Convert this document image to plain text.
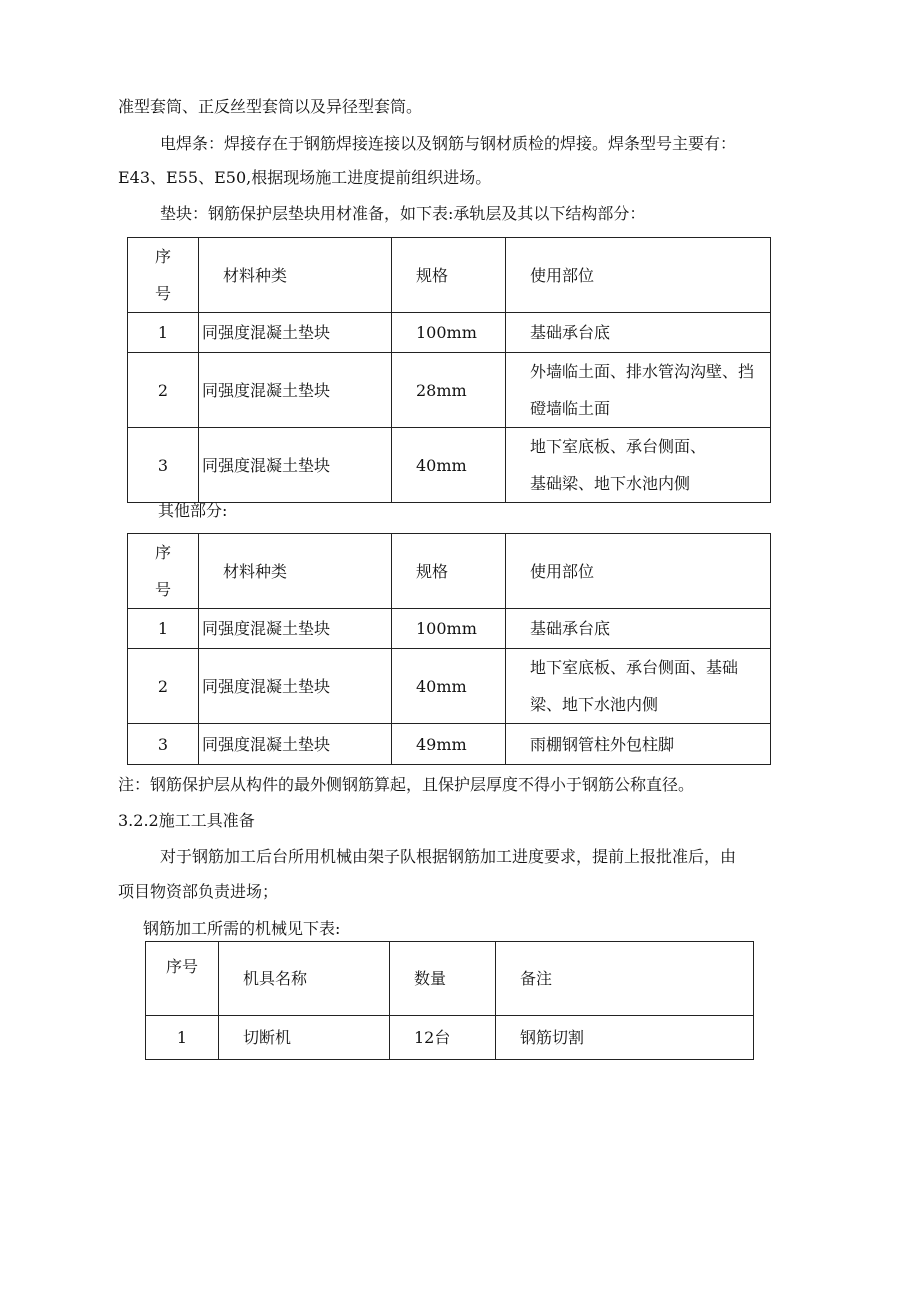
准型套筒、正反丝型套筒以及异径型套筒。
电焊条：焊接存在于钢筋焊接连接以及钢筋与钢材质检的焊接。焊条型号主要有：
E43、E55、E50,根据现场施工进度提前组织进场。
垫块：钢筋保护层垫块用材准备，如下表:承轨层及其以下结构部分：
序
号	材料种类	规格	使用部位
1	同强度混凝土垫块	100mm	基础承台底
2	同强度混凝土垫块	28mm	外墙临土面、排水管沟沟壁、挡
磴墙临土面

3	同强度混凝土垫块	40mm	地下室底板、承台侧面、
基础梁、地下水池内侧
其他部分:
序
号	材料种类	规格	使用部位
1	同强度混凝土垫块	100mm	基础承台底
2	同强度混凝土垫块	40mm	地下室底板、承台侧面、基础
梁、地下水池内侧

3	同强度混凝土垫块	49mm	雨棚钢管柱外包柱脚
注：钢筋保护层从构件的最外侧钢筋算起，且保护层厚度不得小于钢筋公称直径。
3.2.2施工工具准备
对于钢筋加工后台所用机械由架子队根据钢筋加工进度要求，提前上报批准后，由
项目物资部负责进场；
钢筋加工所需的机械见下表:
序号	机具名称	数量	备注
1	切断机	12台	钢筋切割
